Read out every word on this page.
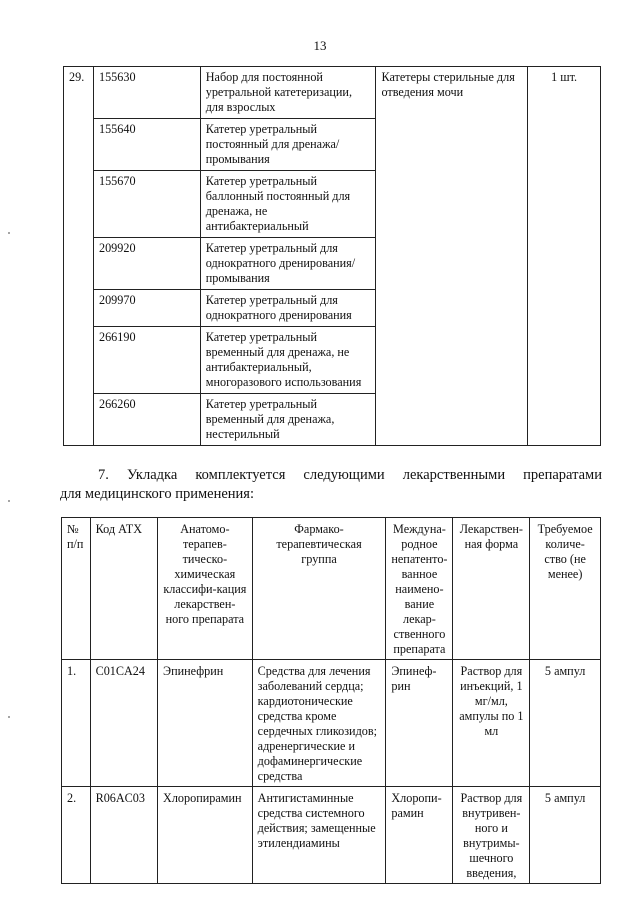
13
29.	155630	Набор для постоянной уретральной катетеризации, для взрослых	Катетеры стерильные для отведения мочи	1 шт.
	155640	Катетер уретральный постоянный для дренажа/промывания		
	155670	Катетер уретральный баллонный постоянный для дренажа, не антибактериальный		
	209920	Катетер уретральный для однократного дренирования/промывания		
	209970	Катетер уретральный для однократного дренирования		
	266190	Катетер уретральный временный для дренажа, не антибактериальный, многоразового использования		
	266260	Катетер уретральный временный для дренажа, нестерильный		
7. Укладка комплектуется следующими лекарственными препаратами
для медицинского применения:
№ п/п	Код АТХ	Анатомо-терапев-тическо-химическая классифи-кация лекарствен-ного препарата	Фармако-терапевтическая группа	Междуна-родное непатенто-ванное наимено-вание лекар-ственного препарата	Лекарствен-ная форма	Требуемое количе-ство (не менее)
1.	C01CA24	Эпинефрин	Средства для лечения заболеваний сердца; кардиотонические средства кроме сердечных гликозидов; адренергические и дофаминергические средства	Эпинеф-рин	Раствор для инъекций, 1 мг/мл, ампулы по 1 мл	5 ампул
2.	R06AC03	Хлоропирамин	Антигистаминные средства системного действия; замещенные этилендиамины	Хлоропи-рамин	Раствор для внутривен-ного и внутримы-шечного введения,	5 ампул
